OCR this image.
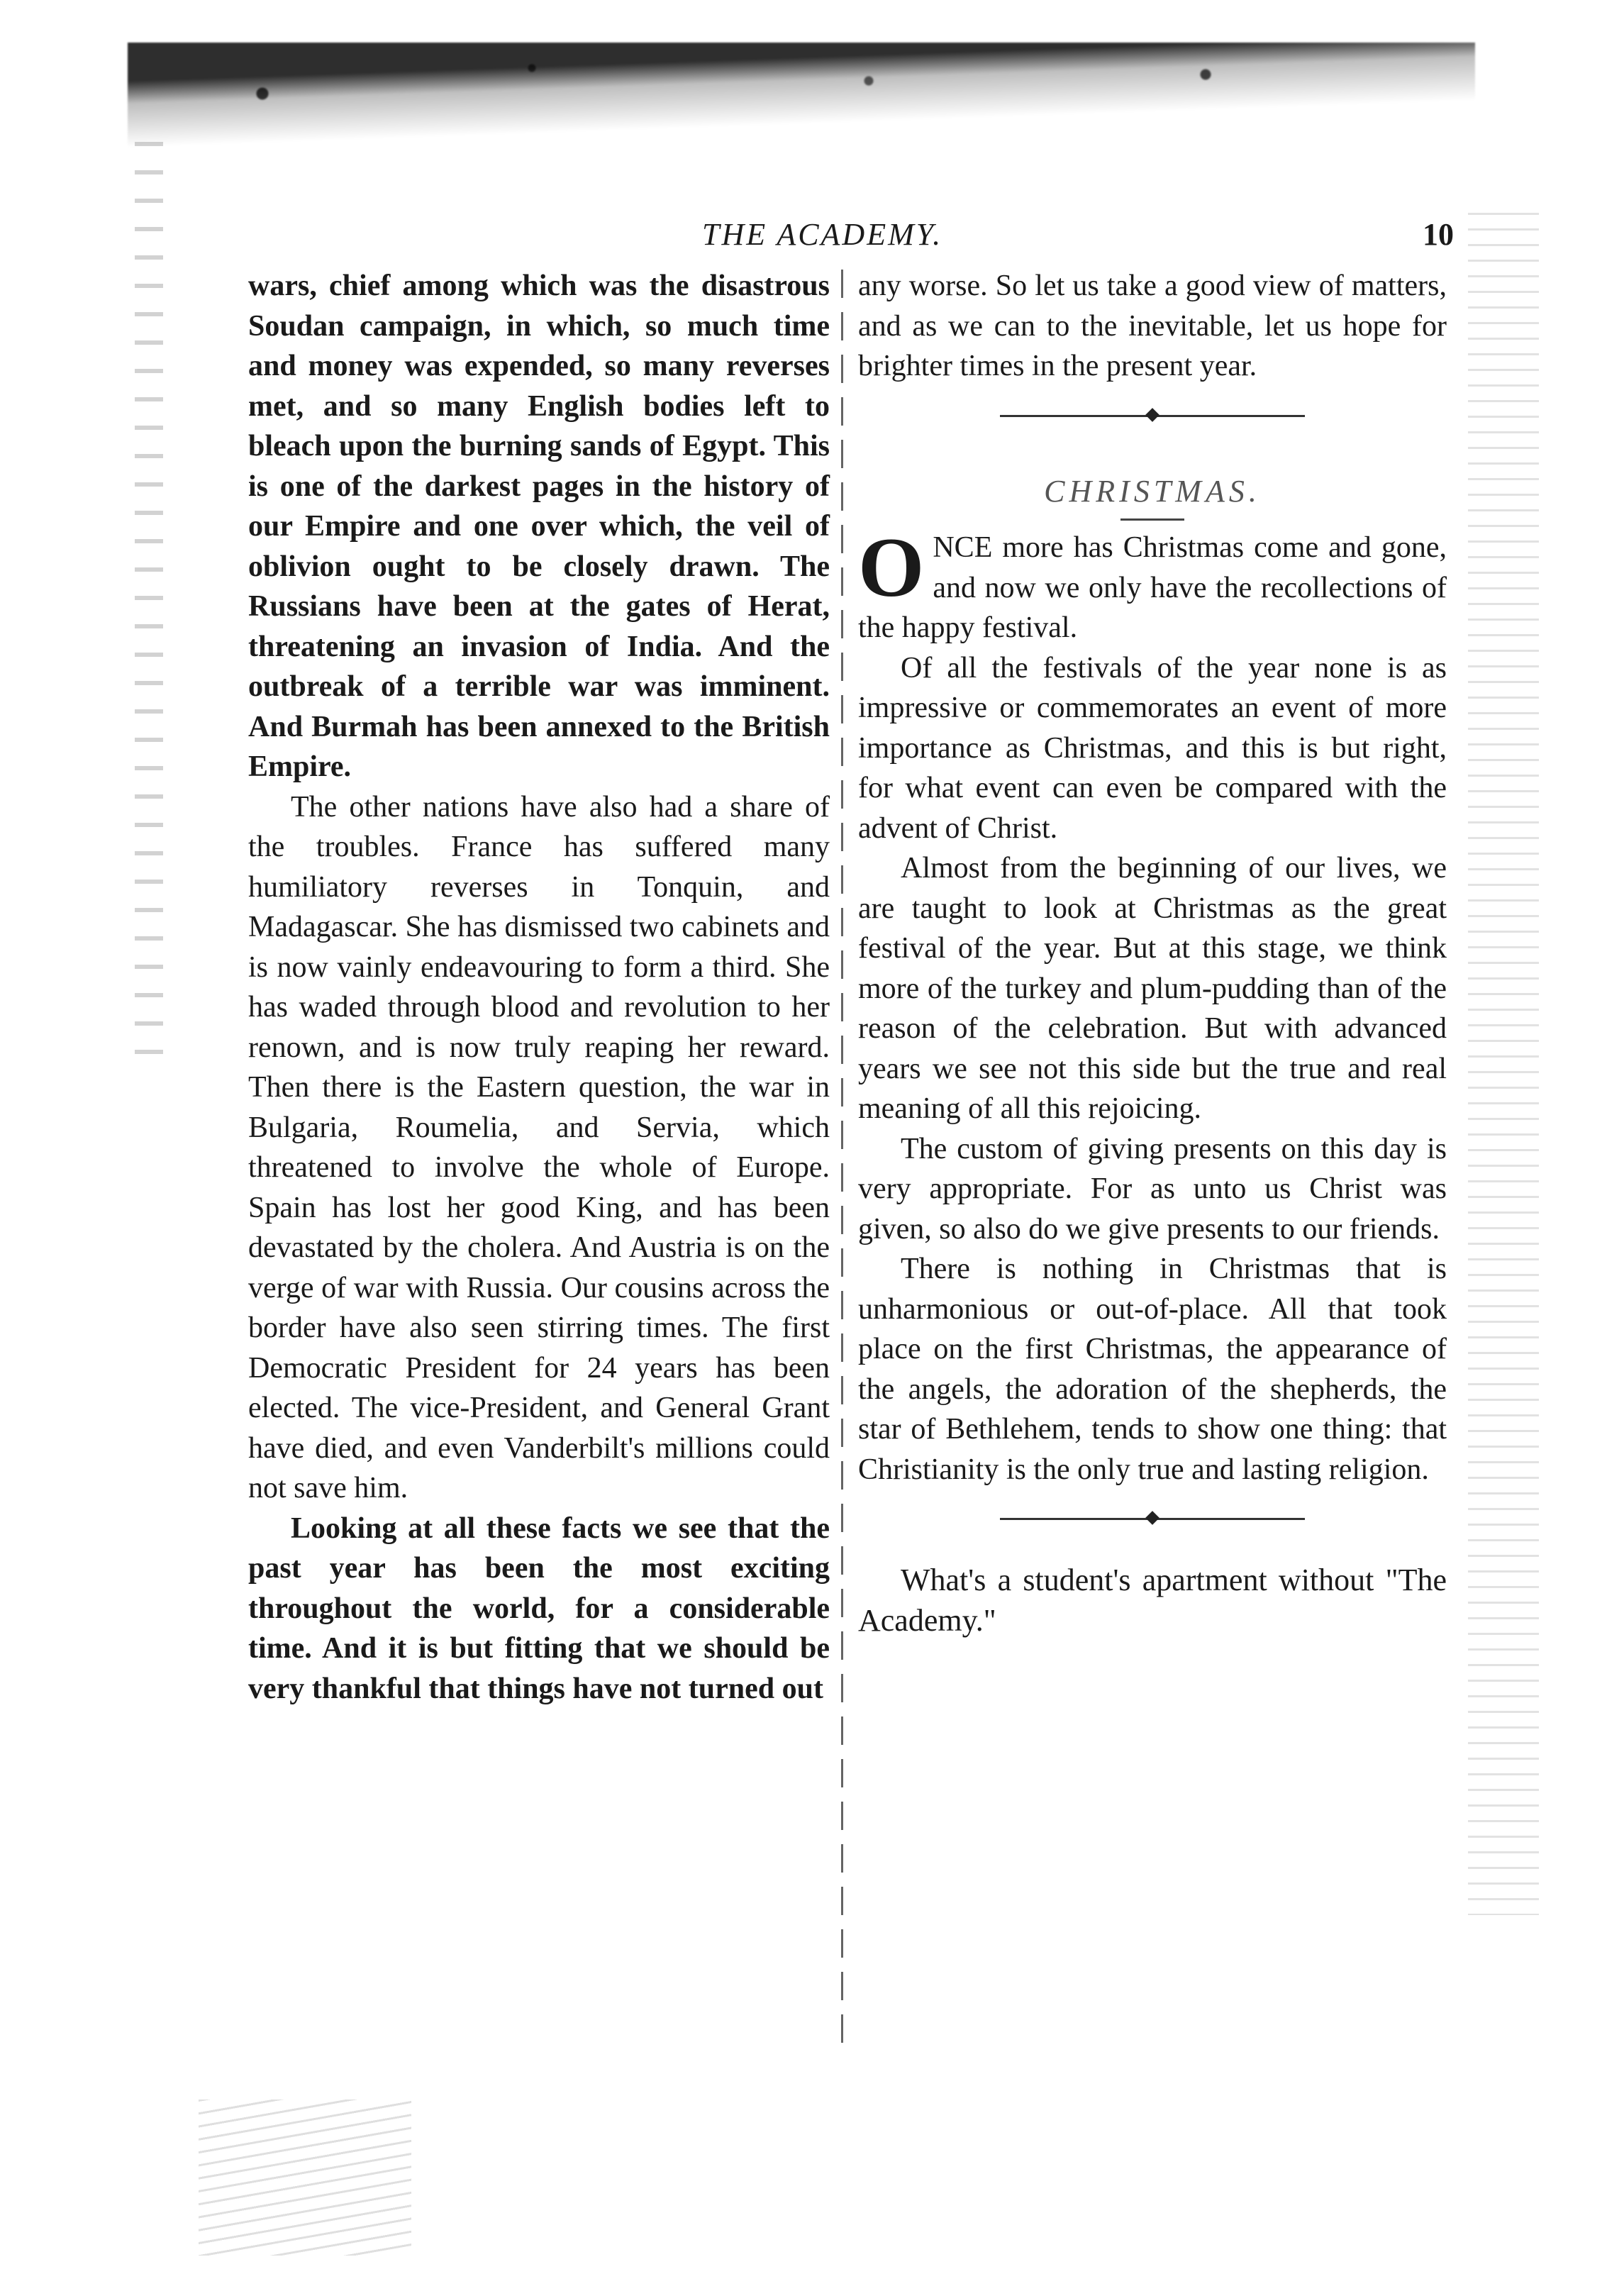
THE ACADEMY.	10

wars, chief among which was the disastrous Soudan campaign, in which, so much time and money was expended, so many reverses met, and so many English bodies left to bleach upon the burning sands of Egypt. This is one of the darkest pages in the history of our Empire and one over which, the veil of oblivion ought to be closely drawn. The Russians have been at the gates of Herat, threatening an invasion of India. And the outbreak of a terrible war was imminent. And Burmah has been annexed to the British Empire.

The other nations have also had a share of the troubles. France has suffered many humiliatory reverses in Tonquin, and Madagascar. She has dismissed two cabinets and is now vainly endeavouring to form a third. She has waded through blood and revolution to her renown, and is now truly reaping her reward. Then there is the Eastern question, the war in Bulgaria, Roumelia, and Servia, which threatened to involve the whole of Europe. Spain has lost her good King, and has been devastated by the cholera. And Austria is on the verge of war with Russia. Our cousins across the border have also seen stirring times. The first Democratic President for 24 years has been elected. The vice-President, and General Grant have died, and even Vanderbilt's millions could not save him.

Looking at all these facts we see that the past year has been the most exciting throughout the world, for a considerable time. And it is but fitting that we should be very thankful that things have not turned out

any worse. So let us take a good view of matters, and as we can to the inevitable, let us hope for brighter times in the present year.

CHRISTMAS.

ONCE more has Christmas come and gone, and now we only have the recollections of the happy festival.

Of all the festivals of the year none is as impressive or commemorates an event of more importance as Christmas, and this is but right, for what event can even be compared with the advent of Christ.

Almost from the beginning of our lives, we are taught to look at Christmas as the great festival of the year. But at this stage, we think more of the turkey and plum-pudding than of the reason of the celebration. But with advanced years we see not this side but the true and real meaning of all this rejoicing.

The custom of giving presents on this day is very appropriate. For as unto us Christ was given, so also do we give presents to our friends.

There is nothing in Christmas that is unharmonious or out-of-place. All that took place on the first Christmas, the appearance of the angels, the adoration of the shepherds, the star of Bethlehem, tends to show one thing: that Christianity is the only true and lasting religion.

What's a student's apartment without "The Academy."
